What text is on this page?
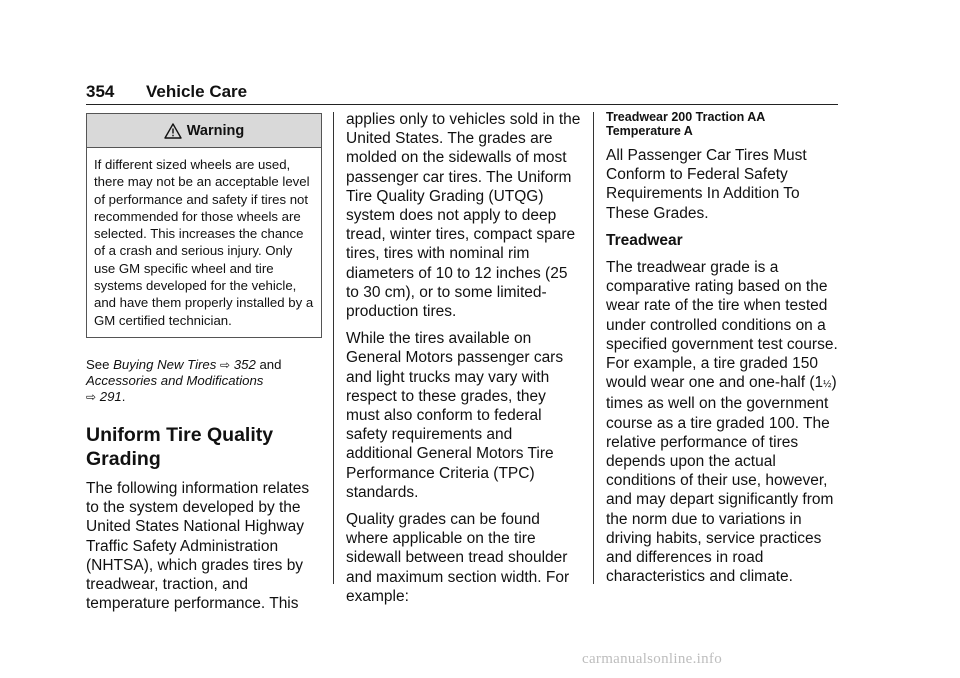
354 Vehicle Care
Warning
If different sized wheels are used, there may not be an acceptable level of performance and safety if tires not recommended for those wheels are selected. This increases the chance of a crash and serious injury. Only use GM specific wheel and tire systems developed for the vehicle, and have them properly installed by a GM certified technician.
See Buying New Tires ⇨ 352 and
Accessories and Modifications
⇨ 291.
Uniform Tire Quality Grading

The following information relates to the system developed by the United States National Highway Traffic Safety Administration (NHTSA), which grades tires by treadwear, traction, and temperature performance. This

applies only to vehicles sold in the United States. The grades are molded on the sidewalls of most passenger car tires. The Uniform Tire Quality Grading (UTQG) system does not apply to deep tread, winter tires, compact spare tires, tires with nominal rim diameters of 10 to 12 inches (25 to 30 cm), or to some limited-production tires.

While the tires available on General Motors passenger cars and light trucks may vary with respect to these grades, they must also conform to federal safety requirements and additional General Motors Tire Performance Criteria (TPC) standards.

Quality grades can be found where applicable on the tire sidewall between tread shoulder and maximum section width. For example:

Treadwear 200 Traction AA Temperature A

All Passenger Car Tires Must Conform to Federal Safety Requirements In Addition To These Grades.

Treadwear

The treadwear grade is a comparative rating based on the wear rate of the tire when tested under controlled conditions on a specified government test course. For example, a tire graded 150 would wear one and one-half (1½) times as well on the government course as a tire graded 100. The relative performance of tires depends upon the actual conditions of their use, however, and may depart significantly from the norm due to variations in driving habits, service practices and differences in road characteristics and climate.

carmanualsonline.info
